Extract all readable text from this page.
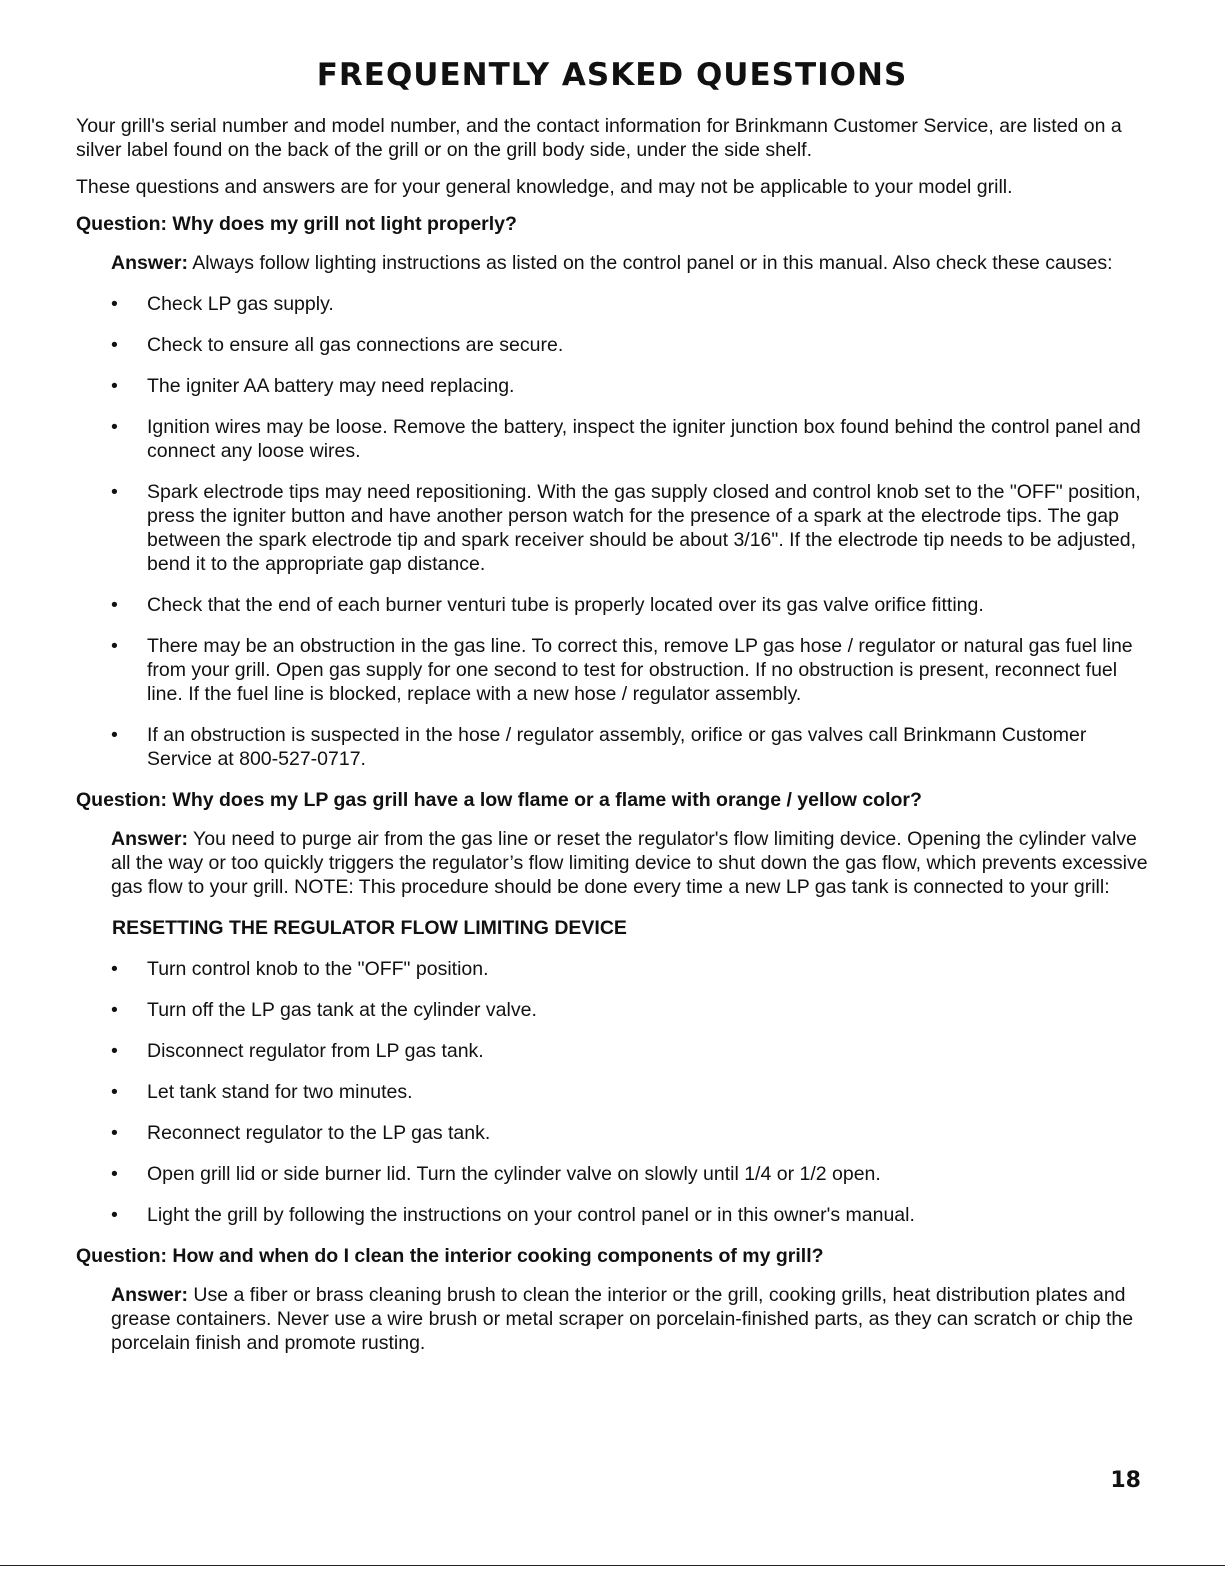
FREQUENTLY ASKED QUESTIONS

Your grill's serial number and model number, and the contact information for Brinkmann Customer Service, are listed on a silver label found on the back of the grill or on the grill body side, under the side shelf.

These questions and answers are for your general knowledge, and may not be applicable to your model grill.

Question: Why does my grill not light properly?

Answer: Always follow lighting instructions as listed on the control panel or in this manual. Also check these causes:

• Check LP gas supply.
• Check to ensure all gas connections are secure.
• The igniter AA battery may need replacing.
• Ignition wires may be loose. Remove the battery, inspect the igniter junction box found behind the control panel and connect any loose wires.
• Spark electrode tips may need repositioning. With the gas supply closed and control knob set to the "OFF" position, press the igniter button and have another person watch for the presence of a spark at the electrode tips. The gap between the spark electrode tip and spark receiver should be about 3/16". If the electrode tip needs to be adjusted, bend it to the appropriate gap distance.
• Check that the end of each burner venturi tube is properly located over its gas valve orifice fitting.
• There may be an obstruction in the gas line. To correct this, remove LP gas hose / regulator or natural gas fuel line from your grill. Open gas supply for one second to test for obstruction. If no obstruction is present, reconnect fuel line. If the fuel line is blocked, replace with a new hose / regulator assembly.
• If an obstruction is suspected in the hose / regulator assembly, orifice or gas valves call Brinkmann Customer Service at 800-527-0717.

Question: Why does my LP gas grill have a low flame or a flame with orange / yellow color?

Answer: You need to purge air from the gas line or reset the regulator's flow limiting device. Opening the cylinder valve all the way or too quickly triggers the regulator’s flow limiting device to shut down the gas flow, which prevents excessive gas flow to your grill. NOTE: This procedure should be done every time a new LP gas tank is connected to your grill:

RESETTING THE REGULATOR FLOW LIMITING DEVICE

• Turn control knob to the "OFF" position.
• Turn off the LP gas tank at the cylinder valve.
• Disconnect regulator from LP gas tank.
• Let tank stand for two minutes.
• Reconnect regulator to the LP gas tank.
• Open grill lid or side burner lid. Turn the cylinder valve on slowly until 1/4 or 1/2 open.
• Light the grill by following the instructions on your control panel or in this owner's manual.

Question: How and when do I clean the interior cooking components of my grill?

Answer: Use a fiber or brass cleaning brush to clean the interior or the grill, cooking grills, heat distribution plates and grease containers. Never use a wire brush or metal scraper on porcelain-finished parts, as they can scratch or chip the porcelain finish and promote rusting.

18
